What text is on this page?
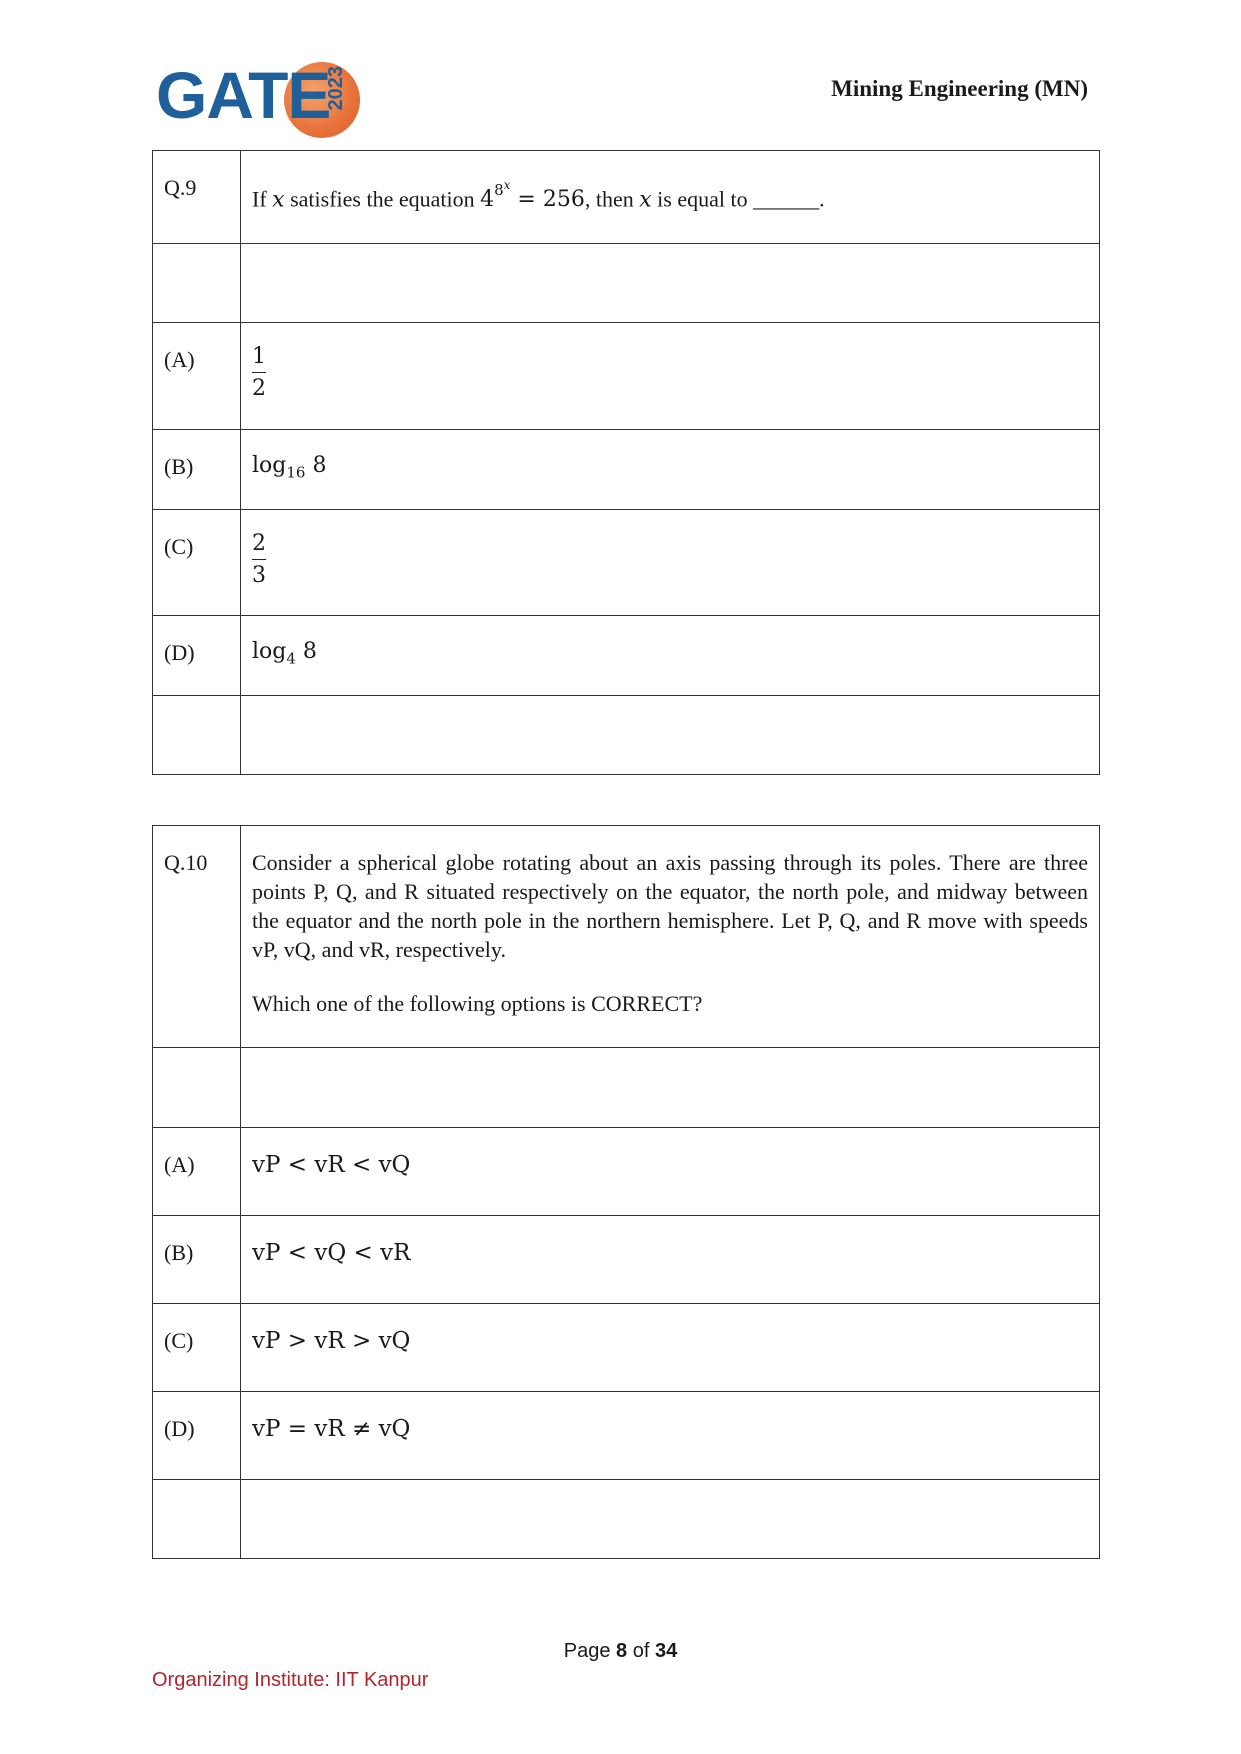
GATE
2023	Mining Engineering (MN)
Q.9	If x satisfies the equation $4^{8^x} = 256$, then x is equal to ______.

(A)	$\frac{1}{2}$

(B)	$\log_{16} 8$
(C)	$\frac{2}{3}$

(D)	$\log_4 8$

Q.10	Consider a spherical globe rotating about an axis passing through its poles. There are three points P, Q, and R situated respectively on the equator, the north pole, and midway between the equator and the north pole in the northern hemisphere. Let P, Q, and R move with speeds vP, vQ, and vR, respectively.
Which one of the following options is CORRECT?

(A)	vP < vR < vQ
(B)	vP < vQ < vR
(C)	vP > vR > vQ
(D)	vP = vR ≠ vQ

Page 8 of 34
Organizing Institute: IIT Kanpur
